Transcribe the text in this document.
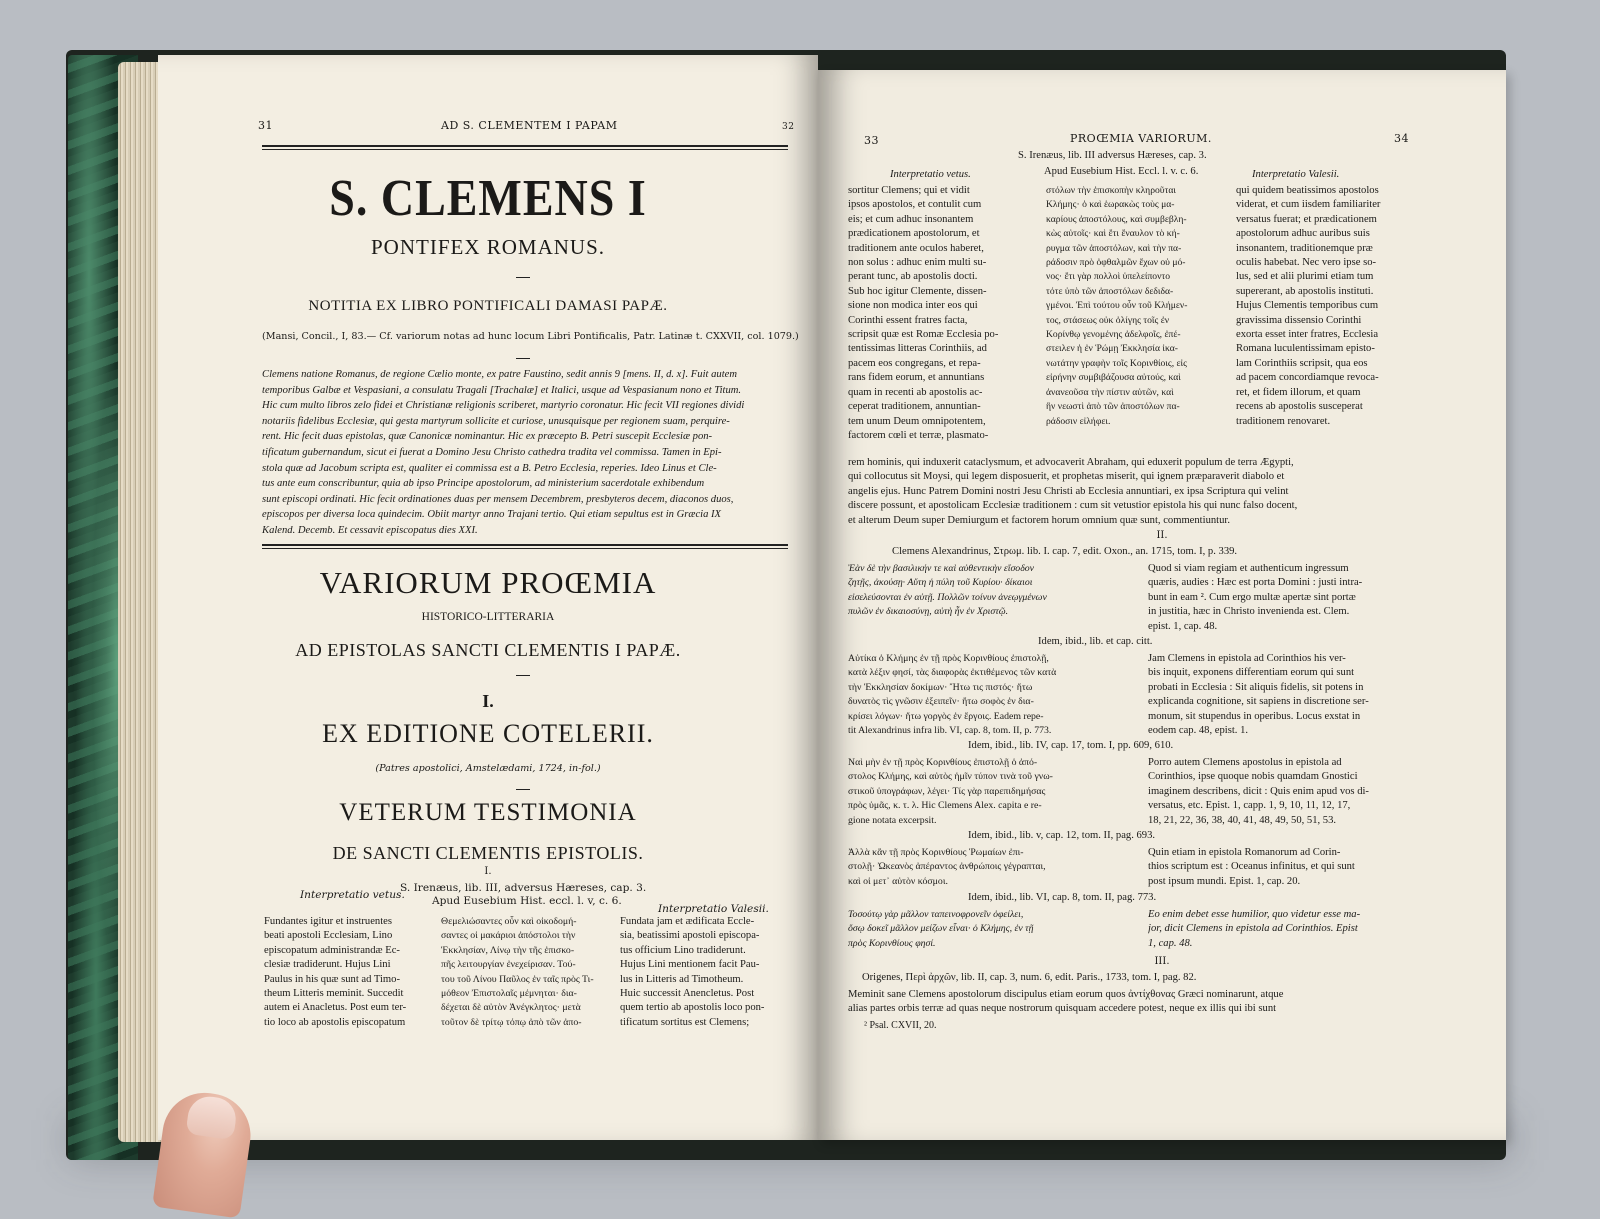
31	AD S. CLEMENTEM I PAPAM	32
S. CLEMENS I
PONTIFEX ROMANUS.
NOTITIA EX LIBRO PONTIFICALI DAMASI PAPÆ.
(Mansi, Concil., I, 83.— Cf. variorum notas ad hunc locum Libri Pontificalis, Patr. Latinæ t. CXXVII, col. 1079.)
Clemens natione Romanus, de regione Cælio monte, ex patre Faustino, sedit annis 9 [mens. II, d. x]. Fuit autem
temporibus Galbæ et Vespasiani, a consulatu Tragali [Trachalæ] et Italici, usque ad Vespasianum nono et Titum.
Hic cum multo libros zelo fidei et Christianæ religionis scriberet, martyrio coronatur. Hic fecit VII regiones dividi
notariis fidelibus Ecclesiæ, qui gesta martyrum sollicite et curiose, unusquisque per regionem suam, perquire-
rent. Hic fecit duas epistolas, quæ Canonicæ nominantur. Hic ex præcepto B. Petri suscepit Ecclesiæ pon-
tificatum gubernandum, sicut ei fuerat a Domino Jesu Christo cathedra tradita vel commissa. Tamen in Epi-
stola quæ ad Jacobum scripta est, qualiter ei commissa est a B. Petro Ecclesia, reperies. Ideo Linus et Cle-
tus ante eum conscribuntur, quia ab ipso Principe apostolorum, ad ministerium sacerdotale exhibendum
sunt episcopi ordinati. Hic fecit ordinationes duas per mensem Decembrem, presbyteros decem, diaconos duos,
episcopos per diversa loca quindecim. Obiit martyr anno Trajani tertio. Qui etiam sepultus est in Græcia IX
Kalend. Decemb. Et cessavit episcopatus dies XXI.
VARIORUM PROŒMIA
HISTORICO-LITTERARIA
AD EPISTOLAS SANCTI CLEMENTIS I PAPÆ.
I.
EX EDITIONE COTELERII.
(Patres apostolici, Amstelædami, 1724, in-fol.)
VETERUM TESTIMONIA
DE SANCTI CLEMENTIS EPISTOLIS.
I.
S. Irenæus, lib. III, adversus Hæreses, cap. 3.
Interpretatio vetus.	Apud Eusebium Hist. eccl. l. v, c. 6.
Interpretatio Valesii.
Fundantes igitur et instruentes
beati apostoli Ecclesiam, Lino
episcopatum administrandæ Ec-
clesiæ tradiderunt. Hujus Lini
Paulus in his quæ sunt ad Timo-
theum Litteris meminit. Succedit
autem ei Anacletus. Post eum ter-
tio loco ab apostolis episcopatum
Θεμελιώσαντες οὖν καὶ οἰκοδομή-
σαντες οἱ μακάριοι ἀπόστολοι τὴν
Ἐκκλησίαν, Λίνῳ τὴν τῆς ἐπισκο-
πῆς λειτουργίαν ἐνεχείρισαν. Τού-
του τοῦ Λίνου Παῦλος ἐν ταῖς πρὸς Τι-
μόθεον Ἐπιστολαῖς μέμνηται· δια-
δέχεται δὲ αὐτὸν Ἀνέγκλητος· μετὰ
τοῦτον δὲ τρίτῳ τόπῳ ἀπὸ τῶν ἀπο-
Fundata jam et ædificata Eccle-
sia, beatissimi apostoli episcopa-
tus officium Lino tradiderunt.
Hujus Lini mentionem facit Pau-
lus in Litteris ad Timotheum.
Huic successit Anencletus. Post
quem tertio ab apostolis loco pon-
tificatum sortitus est Clemens;
33	PROŒMIA VARIORUM.	34
S. Irenæus, lib. III adversus Hæreses, cap. 3.
Interpretatio vetus.	Apud Eusebium Hist. Eccl. l. v. c. 6.	Interpretatio Valesii.
sortitur Clemens; qui et vidit
ipsos apostolos, et contulit cum
eis; et cum adhuc insonantem
prædicationem apostolorum, et
traditionem ante oculos haberet,
non solus : adhuc enim multi su-
perant tunc, ab apostolis docti.
Sub hoc igitur Clemente, dissen-
sione non modica inter eos qui
Corinthi essent fratres facta,
scripsit quæ est Romæ Ecclesia po-
tentissimas litteras Corinthiis, ad
pacem eos congregans, et repa-
rans fidem eorum, et annuntians
quam in recenti ab apostolis ac-
ceperat traditionem, annuntian-
tem unum Deum omnipotentem,
factorem cœli et terræ, plasmato-
στόλων τὴν ἐπισκοπὴν κληροῦται
Κλήμης· ὁ καὶ ἑωρακὼς τοὺς μα-
καρίους ἀποστόλους, καὶ συμβεβλη-
κὼς αὐτοῖς· καὶ ἔτι ἔναυλον τὸ κή-
ρυγμα τῶν ἀποστόλων, καὶ τὴν πα-
ράδοσιν πρὸ ὀφθαλμῶν ἔχων οὐ μό-
νος· ἔτι γὰρ πολλοὶ ὑπελείποντο
τότε ὑπὸ τῶν ἀποστόλων δεδιδα-
γμένοι. Ἐπὶ τούτου οὖν τοῦ Κλήμεν-
τος, στάσεως οὐκ ὀλίγης τοῖς ἐν
Κορίνθῳ γενομένης ἀδελφοῖς, ἐπέ-
στειλεν ἡ ἐν Ῥώμῃ Ἐκκλησία ἱκα-
νωτάτην γραφὴν τοῖς Κορινθίοις, εἰς
εἰρήνην συμβιβάζουσα αὐτούς, καὶ
ἀνανεοῦσα τὴν πίστιν αὐτῶν, καὶ
ἣν νεωστὶ ἀπὸ τῶν ἀποστόλων πα-
ράδοσιν εἰλήφει.
qui quidem beatissimos apostolos
viderat, et cum iisdem familiariter
versatus fuerat; et prædicationem
apostolorum adhuc auribus suis
insonantem, traditionemque præ
oculis habebat. Nec vero ipse so-
lus, sed et alii plurimi etiam tum
supererant, ab apostolis instituti.
Hujus Clementis temporibus cum
gravissima dissensio Corinthi
exorta esset inter fratres, Ecclesia
Romana luculentissimam episto-
lam Corinthiis scripsit, qua eos
ad pacem concordiamque revoca-
ret, et fidem illorum, et quam
recens ab apostolis susceperat
traditionem renovaret.
rem hominis, qui induxerit cataclysmum, et advocaverit Abraham, qui eduxerit populum de terra Ægypti,
qui collocutus sit Moysi, qui legem disposuerit, et prophetas miserit, qui ignem præparaverit diabolo et
angelis ejus. Hunc Patrem Domini nostri Jesu Christi ab Ecclesia annuntiari, ex ipsa Scriptura qui velint
discere possunt, et apostolicam Ecclesiæ traditionem : cum sit vetustior epistola his qui nunc falso docent,
et alterum Deum super Demiurgum et factorem horum omnium quæ sunt, commentiuntur.
II.
Clemens Alexandrinus, Στρωμ. lib. I. cap. 7, edit. Oxon., an. 1715, tom. I, p. 339.
Ἐὰν δὲ τὴν βασιλικήν τε καὶ αὐθεντικὴν εἴσοδον
ζητῇς, ἀκούσῃ· Αὕτη ἡ πύλη τοῦ Κυρίου· δίκαιοι
εἰσελεύσονται ἐν αὐτῇ. Πολλῶν τοίνυν ἀνεῳγμένων
πυλῶν ἐν δικαιοσύνῃ, αὐτὴ ἦν ἐν Χριστῷ.
Quod si viam regiam et authenticum ingressum
quæris, audies : Hæc est porta Domini : justi intra-
bunt in eam ². Cum ergo multæ apertæ sint portæ
in justitia, hæc in Christo invenienda est. Clem.
epist. 1, cap. 48.
Idem, ibid., lib. et cap. citt.
Αὐτίκα ὁ Κλήμης ἐν τῇ πρὸς Κορινθίους ἐπιστολῇ,
κατὰ λέξιν φησί, τὰς διαφορὰς ἐκτιθέμενος τῶν κατὰ
τὴν Ἐκκλησίαν δοκίμων· Ἤτω τις πιστός· ἤτω
δυνατὸς τὶς γνῶσιν ἐξειπεῖν· ἤτω σοφὸς ἐν δια-
κρίσει λόγων· ἤτω γοργὸς ἐν ἔργοις. Eadem repe-
tit Alexandrinus infra lib. VI, cap. 8, tom. II, p. 773.
Jam Clemens in epistola ad Corinthios his ver-
bis inquit, exponens differentiam eorum qui sunt
probati in Ecclesia : Sit aliquis fidelis, sit potens in
explicanda cognitione, sit sapiens in discretione ser-
monum, sit stupendus in operibus. Locus exstat in
eodem cap. 48, epist. 1.
Idem, ibid., lib. IV, cap. 17, tom. I, pp. 609, 610.
Ναὶ μὴν ἐν τῇ πρὸς Κορινθίους ἐπιστολῇ ὁ ἀπό-
στολος Κλήμης, καὶ αὐτὸς ἡμῖν τύπον τινὰ τοῦ γνω-
στικοῦ ὑπογράφων, λέγει· Τίς γὰρ παρεπιδημήσας
πρὸς ὑμᾶς, κ. τ. λ. Hic Clemens Alex. capita e re-
gione notata excerpsit.
Porro autem Clemens apostolus in epistola ad
Corinthios, ipse quoque nobis quamdam Gnostici
imaginem describens, dicit : Quis enim apud vos di-
versatus, etc. Epist. 1, capp. 1, 9, 10, 11, 12, 17,
18, 21, 22, 36, 38, 40, 41, 48, 49, 50, 51, 53.
Idem, ibid., lib. v, cap. 12, tom. II, pag. 693.
Ἀλλὰ κἂν τῇ πρὸς Κορινθίους Ῥωμαίων ἐπι-
στολῇ· Ὠκεανὸς ἀπέραντος ἀνθρώποις γέγραπται,
καὶ οἱ μετ᾽ αὐτὸν κόσμοι.
Quin etiam in epistola Romanorum ad Corin-
thios scriptum est : Oceanus infinitus, et qui sunt
post ipsum mundi. Epist. 1, cap. 20.
Idem, ibid., lib. VI, cap. 8, tom. II, pag. 773.
Τοσούτῳ γὰρ μᾶλλον ταπεινοφρονεῖν ὀφείλει,
ὅσῳ δοκεῖ μᾶλλον μείζων εἶναι· ὁ Κλήμης, ἐν τῇ
πρὸς Κορινθίους φησί.
Eo enim debet esse humilior, quo videtur esse ma-
jor, dicit Clemens in epistola ad Corinthios. Epist
1, cap. 48.
III.
Origenes, Περὶ ἀρχῶν, lib. II, cap. 3, num. 6, edit. Paris., 1733, tom. I, pag. 82.
Meminit sane Clemens apostolorum discipulus etiam eorum quos ἀντίχθονας Græci nominarunt, atque
alias partes orbis terræ ad quas neque nostrorum quisquam accedere potest, neque ex illis qui ibi sunt
² Psal. CXVII, 20.
